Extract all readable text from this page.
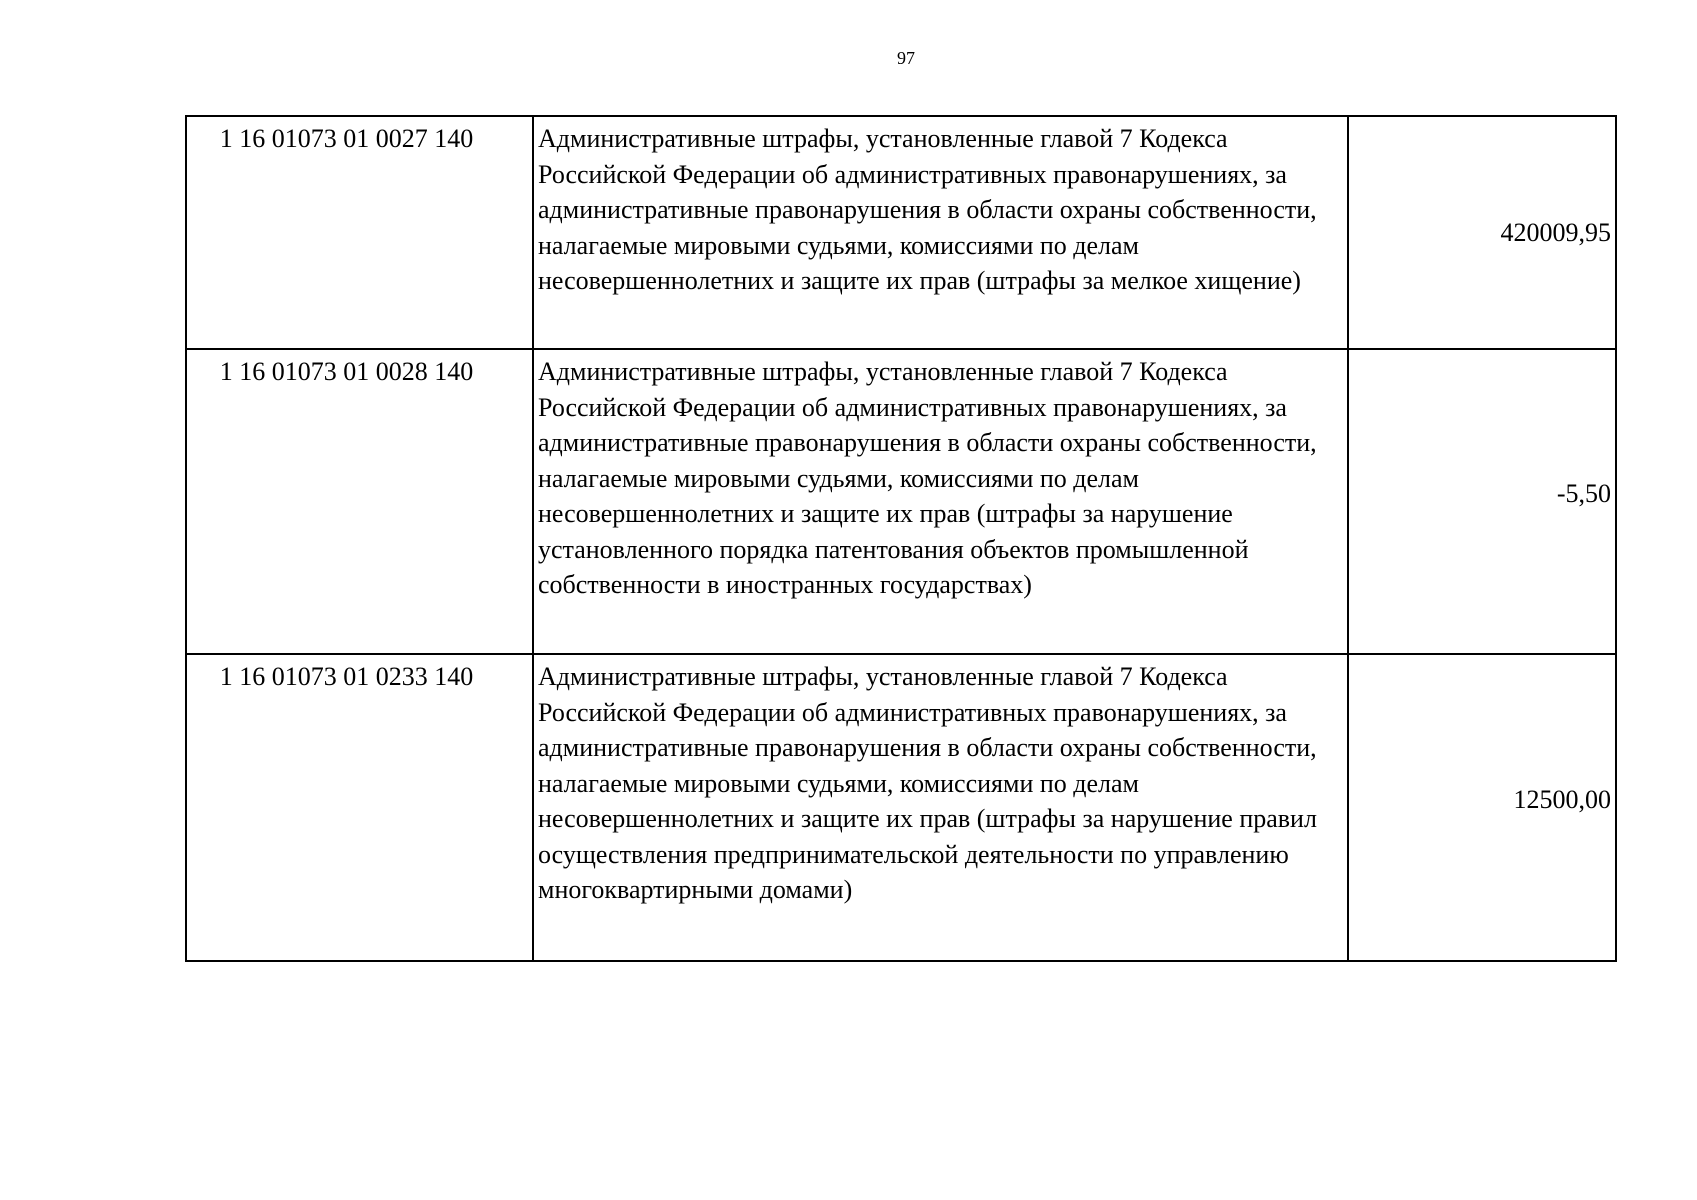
97
1 16 01073 01 0027 140	Административные штрафы, установленные главой 7 Кодекса Российской Федерации об административных правонарушениях, за административные правонарушения в области охраны собственности, налагаемые мировыми судьями, комиссиями по делам несовершеннолетних и защите их прав (штрафы за мелкое хищение)	420009,95
1 16 01073 01 0028 140	Административные штрафы, установленные главой 7 Кодекса Российской Федерации об административных правонарушениях, за административные правонарушения в области охраны собственности, налагаемые мировыми судьями, комиссиями по делам несовершеннолетних и защите их прав (штрафы за нарушение установленного порядка патентования объектов промышленной собственности в иностранных государствах)	-5,50
1 16 01073 01 0233 140	Административные штрафы, установленные главой 7 Кодекса Российской Федерации об административных правонарушениях, за административные правонарушения в области охраны собственности, налагаемые мировыми судьями, комиссиями по делам несовершеннолетних и защите их прав (штрафы за нарушение правил осуществления предпринимательской деятельности по управлению многоквартирными домами)	12500,00
